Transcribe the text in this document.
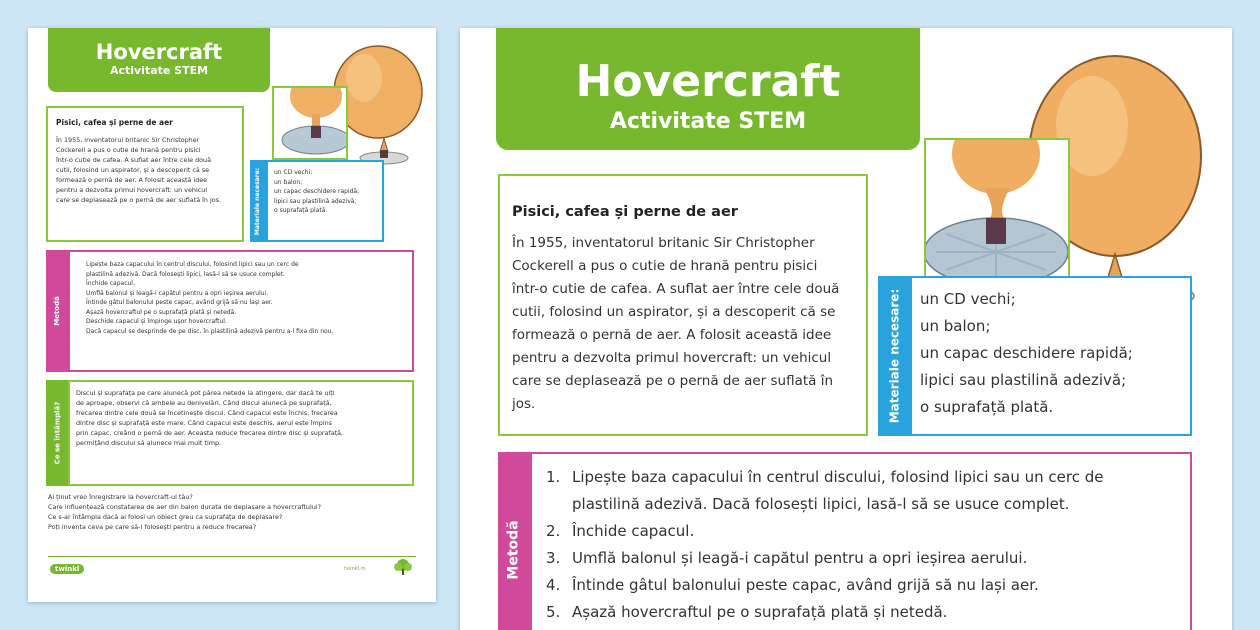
Hovercraft
Activitate STEM
Pisici, cafea și perne de aer
În 1955, inventatorul britanic Sir Christopher
Cockerell a pus o cutie de hrană pentru pisici
într-o cutie de cafea. A suflat aer între cele două
cutii, folosind un aspirator, și a descoperit că se
formează o pernă de aer. A folosit această idee
pentru a dezvolta primul hovercraft: un vehicul
care se deplasează pe o pernă de aer suflată în jos.	Materiale necesare: un CD vechi;
un balon;
un capac deschidere rapidă;
lipici sau plastilină adezivă;
o suprafață plată.
Metodă
Lipește baza capacului în centrul discului, folosind lipici sau un cerc de
plastilină adezivă. Dacă folosești lipici, lasă-l să se usuce complet.
Închide capacul.
Umflă balonul și leagă-i capătul pentru a opri ieșirea aerului.
Întinde gâtul balonului peste capac, având grijă să nu lași aer.
Așază hovercraftul pe o suprafață plată și netedă.
Deschide capacul și împinge ușor hovercraftul.
Dacă capacul se desprinde de pe disc, în plastilină adezivă pentru a-l fixa din nou.
Ce se întâmplă?
Discul și suprafața pe care alunecă pot părea netede la atingere, dar dacă te uiți
de aproape, observi că ambele au denivelări. Când discul alunecă pe suprafață,
frecarea dintre cele două se încetinește discul. Când capacul este închis, frecarea
dintre disc și suprafață este mare. Când capacul este deschis, aerul este împins
prin capac, creând o pernă de aer. Aceasta reduce frecarea dintre disc și suprafață,
permițând discului să alunece mai mult timp.
Ai ținut vreo înregistrare la hovercraft-ul tău?
Care influențează constatarea de aer din balon durata de deplasare a hovercraftului?
Ce s-ar întâmpla dacă ai folosi un obiect greu ca suprafața de deplasare?
Poți inventa ceva pe care să-l folosești pentru a reduce frecarea?
twinkl	twinkl.ro
Hovercraft
Activitate STEM
Pisici, cafea și perne de aer
În 1955, inventatorul britanic Sir Christopher
Cockerell a pus o cutie de hrană pentru pisici
într-o cutie de cafea. A suflat aer între cele două
cutii, folosind un aspirator, și a descoperit că se
formează o pernă de aer. A folosit această idee
pentru a dezvolta primul hovercraft: un vehicul
care se deplasează pe o pernă de aer suflată în jos.	Materiale necesare: un CD vechi;
un balon;
un capac deschidere rapidă;
lipici sau plastilină adezivă;
o suprafață plată.
Metodă
1. Lipește baza capacului în centrul discului, folosind lipici sau un cerc de
plastilină adezivă. Dacă folosești lipici, lasă-l să se usuce complet.
2. Închide capacul.
3. Umflă balonul și leagă-i capătul pentru a opri ieșirea aerului.
4. Întinde gâtul balonului peste capac, având grijă să nu lași aer.
5. Așază hovercraftul pe o suprafață plată și netedă.
